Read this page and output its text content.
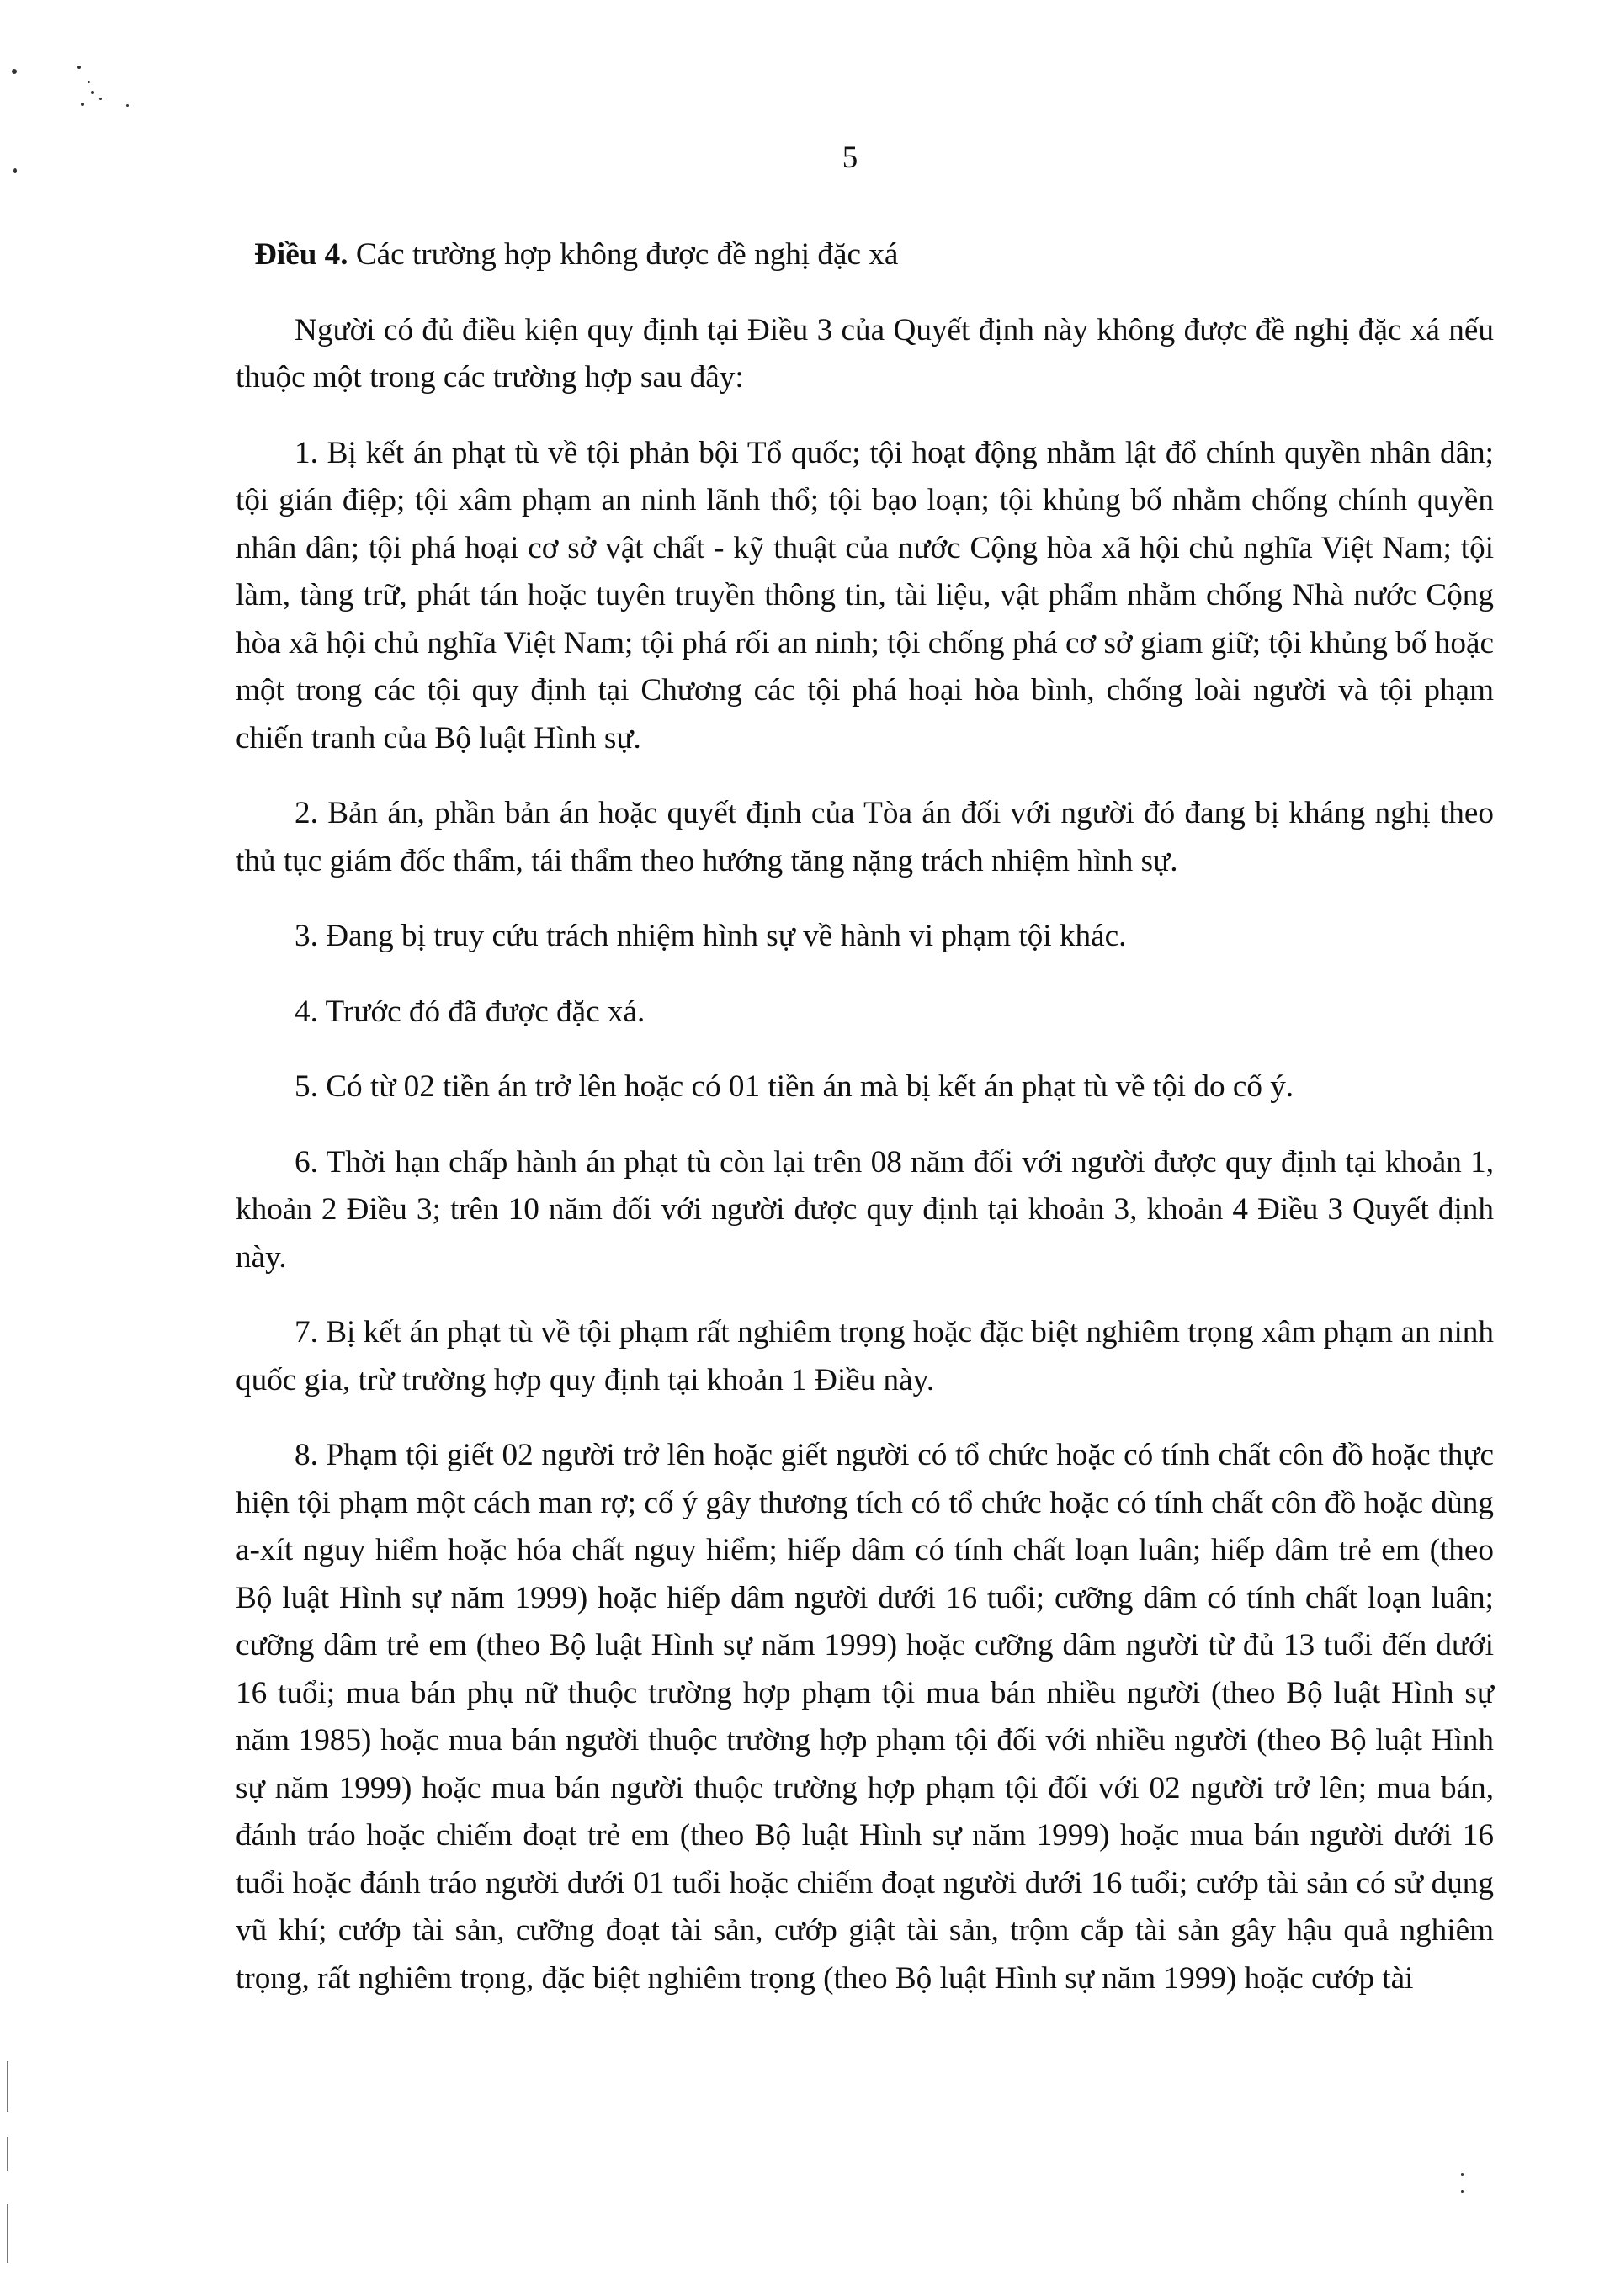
5

Điều 4. Các trường hợp không được đề nghị đặc xá

Người có đủ điều kiện quy định tại Điều 3 của Quyết định này không được đề nghị đặc xá nếu thuộc một trong các trường hợp sau đây:

1. Bị kết án phạt tù về tội phản bội Tổ quốc; tội hoạt động nhằm lật đổ chính quyền nhân dân; tội gián điệp; tội xâm phạm an ninh lãnh thổ; tội bạo loạn; tội khủng bố nhằm chống chính quyền nhân dân; tội phá hoại cơ sở vật chất - kỹ thuật của nước Cộng hòa xã hội chủ nghĩa Việt Nam; tội làm, tàng trữ, phát tán hoặc tuyên truyền thông tin, tài liệu, vật phẩm nhằm chống Nhà nước Cộng hòa xã hội chủ nghĩa Việt Nam; tội phá rối an ninh; tội chống phá cơ sở giam giữ; tội khủng bố hoặc một trong các tội quy định tại Chương các tội phá hoại hòa bình, chống loài người và tội phạm chiến tranh của Bộ luật Hình sự.

2. Bản án, phần bản án hoặc quyết định của Tòa án đối với người đó đang bị kháng nghị theo thủ tục giám đốc thẩm, tái thẩm theo hướng tăng nặng trách nhiệm hình sự.

3. Đang bị truy cứu trách nhiệm hình sự về hành vi phạm tội khác.

4. Trước đó đã được đặc xá.

5. Có từ 02 tiền án trở lên hoặc có 01 tiền án mà bị kết án phạt tù về tội do cố ý.

6. Thời hạn chấp hành án phạt tù còn lại trên 08 năm đối với người được quy định tại khoản 1, khoản 2 Điều 3; trên 10 năm đối với người được quy định tại khoản 3, khoản 4 Điều 3 Quyết định này.

7. Bị kết án phạt tù về tội phạm rất nghiêm trọng hoặc đặc biệt nghiêm trọng xâm phạm an ninh quốc gia, trừ trường hợp quy định tại khoản 1 Điều này.

8. Phạm tội giết 02 người trở lên hoặc giết người có tổ chức hoặc có tính chất côn đồ hoặc thực hiện tội phạm một cách man rợ; cố ý gây thương tích có tổ chức hoặc có tính chất côn đồ hoặc dùng a-xít nguy hiểm hoặc hóa chất nguy hiểm; hiếp dâm có tính chất loạn luân; hiếp dâm trẻ em (theo Bộ luật Hình sự năm 1999) hoặc hiếp dâm người dưới 16 tuổi; cưỡng dâm có tính chất loạn luân; cưỡng dâm trẻ em (theo Bộ luật Hình sự năm 1999) hoặc cưỡng dâm người từ đủ 13 tuổi đến dưới 16 tuổi; mua bán phụ nữ thuộc trường hợp phạm tội mua bán nhiều người (theo Bộ luật Hình sự năm 1985) hoặc mua bán người thuộc trường hợp phạm tội đối với nhiều người (theo Bộ luật Hình sự năm 1999) hoặc mua bán người thuộc trường hợp phạm tội đối với 02 người trở lên; mua bán, đánh tráo hoặc chiếm đoạt trẻ em (theo Bộ luật Hình sự năm 1999) hoặc mua bán người dưới 16 tuổi hoặc đánh tráo người dưới 01 tuổi hoặc chiếm đoạt người dưới 16 tuổi; cướp tài sản có sử dụng vũ khí; cướp tài sản, cưỡng đoạt tài sản, cướp giật tài sản, trộm cắp tài sản gây hậu quả nghiêm trọng, rất nghiêm trọng, đặc biệt nghiêm trọng (theo Bộ luật Hình sự năm 1999) hoặc cướp tài
